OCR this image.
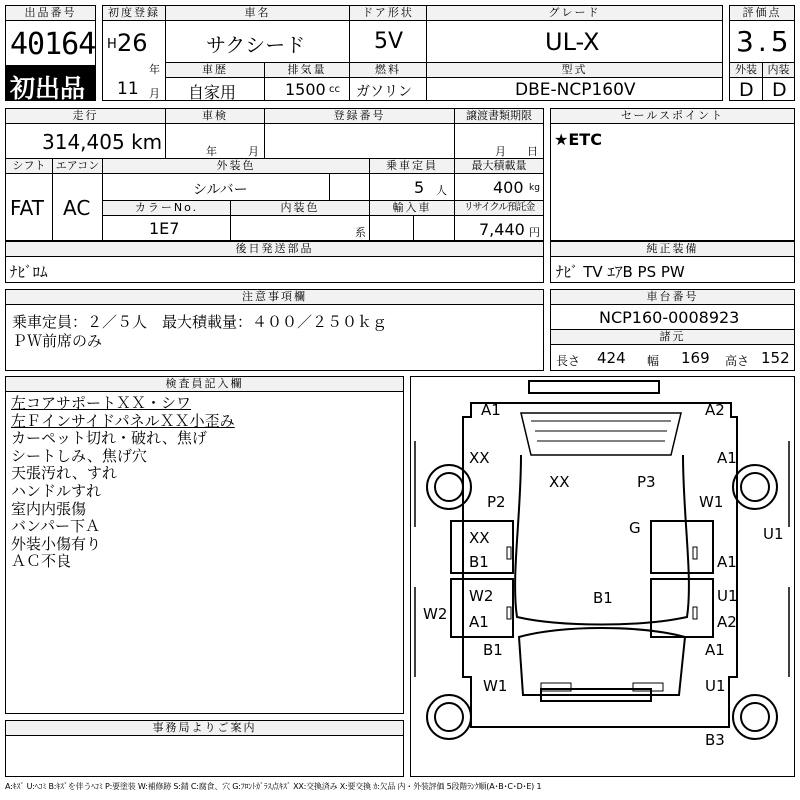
出品番号
40164
初出品
初度登録
H 26
年
11 月
車名
サクシード
車歴
自家用
排気量
1500 cc
ドア形状
5V
燃料
ガソリン
グレード
UL-X
型式
DBE-NCP160V
評価点
3.5
外装 内装
D D
走行
314,405 km
車検
年	月
登録番号	譲渡書類期限
月 日
シフト
FAT
エアコン
AC
外装色
シルバー
乗車定員
5 人
最大積載量
400 kg
カラーNo.
1E7
内装色
系
輸入車	リサイクル預託金
7,440 円
セールスポイント
★ETC
後日発送部品
ﾅﾋﾞﾛﾑ
純正装備
ﾅﾋﾞ TV ｴｱB PS PW
注意事項欄
乗車定員：２／５人　最大積載量：４００／２５０ｋｇ
ＰＷ前席のみ
車台番号
NCP160-0008923
諸元
長さ 424 幅 169 高さ 152
検査員記入欄
左コアサポートＸＸ・シワ
左ＦインサイドパネルＸＸ小歪み
カーペット切れ・破れ、焦げ
シートしみ、焦げ穴
天張汚れ、すれ
ハンドルすれ
室内内張傷
バンパー下Ａ
外装小傷有り
ＡＣ不良
事務局よりご案内
A1	A2
XX	A1
XX	P3
P2	W1
G	U1
XX
B1	A1
W2	U1
W2 A1	A2
B1
B1	A1
W1	U1
B3
A:ｷｽﾞ U:ﾍｺﾐ B:ｷｽﾞを伴うﾍｺﾐ P:要塗装 W:補修跡 S:錆 C:腐食、穴 G:ﾌﾛﾝﾄｶﾞﾗｽ点ｷｽﾞ XX:交換済み X:要交換 ｶ:欠品 内・外装評価 5段階ﾗﾝｸ順(A･B･C･D･E) 1
